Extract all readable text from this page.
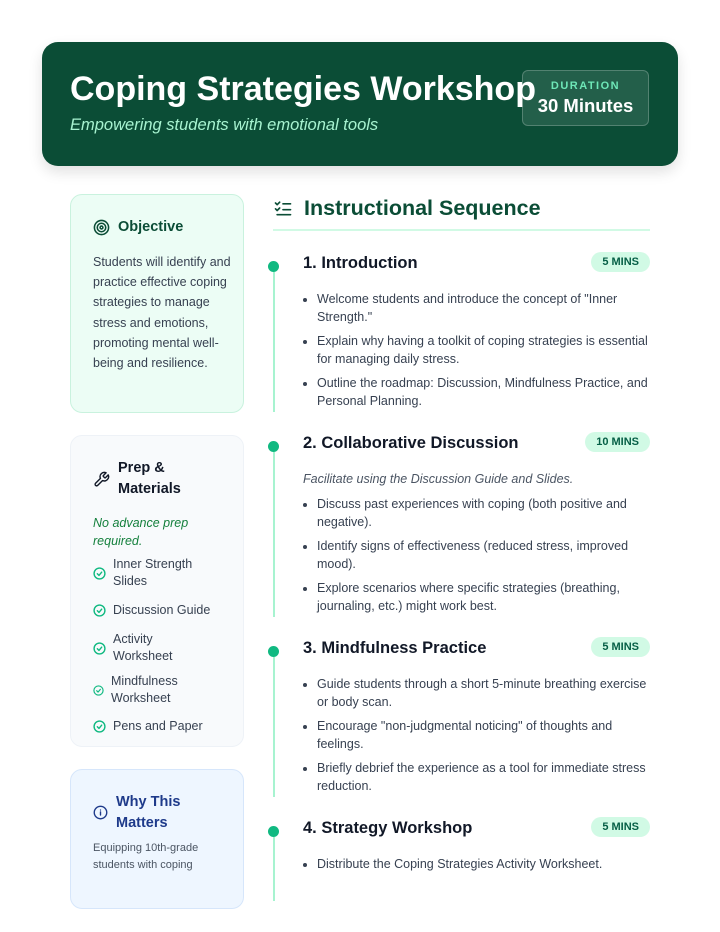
Coping Strategies Workshop
Empowering students with emotional tools
DURATION
30 Minutes
Objective
Students will identify and practice effective coping strategies to manage stress and emotions, promoting mental well-being and resilience.
Prep & Materials
No advance prep required.
Inner Strength Slides
Discussion Guide
Activity Worksheet
Mindfulness Worksheet
Pens and Paper
Why This Matters
Equipping 10th-grade students with coping
Instructional Sequence
1. Introduction	5 MINS
• Welcome students and introduce the concept of "Inner Strength."
• Explain why having a toolkit of coping strategies is essential for managing daily stress.
• Outline the roadmap: Discussion, Mindfulness Practice, and Personal Planning.
2. Collaborative Discussion	10 MINS
Facilitate using the Discussion Guide and Slides.
• Discuss past experiences with coping (both positive and negative).
• Identify signs of effectiveness (reduced stress, improved mood).
• Explore scenarios where specific strategies (breathing, journaling, etc.) might work best.
3. Mindfulness Practice	5 MINS
• Guide students through a short 5-minute breathing exercise or body scan.
• Encourage "non-judgmental noticing" of thoughts and feelings.
• Briefly debrief the experience as a tool for immediate stress reduction.
4. Strategy Workshop	5 MINS
• Distribute the Coping Strategies Activity Worksheet.
